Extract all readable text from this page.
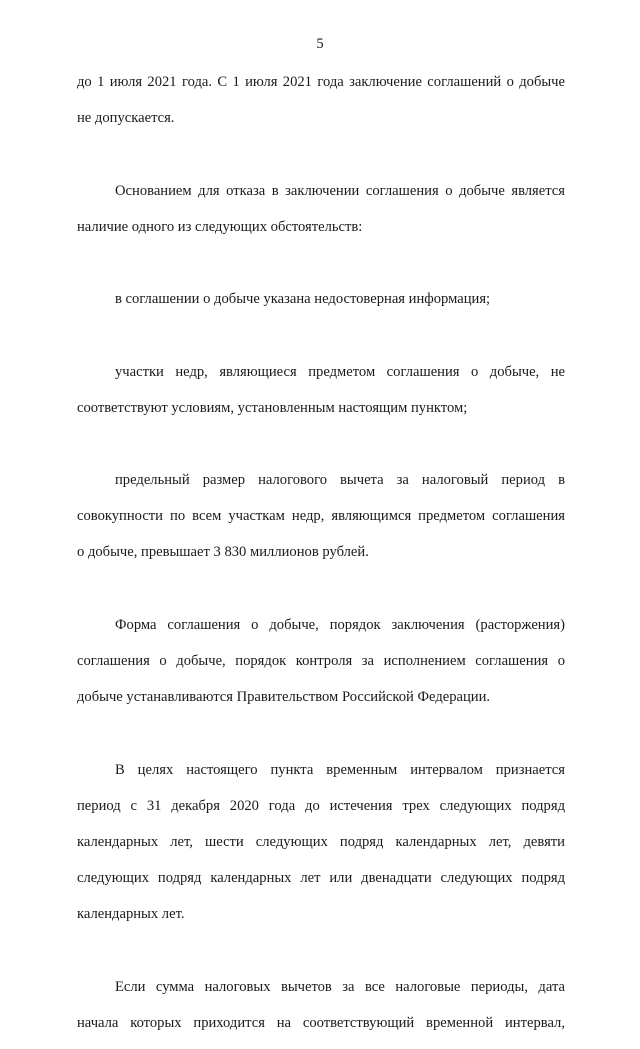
5
до 1 июля 2021 года. С 1 июля 2021 года заключение соглашений о добыче
не допускается.
Основанием для отказа в заключении соглашения о добыче является
наличие одного из следующих обстоятельств:
в соглашении о добыче указана недостоверная информация;
участки недр, являющиеся предметом соглашения о добыче, не
соответствуют условиям, установленным настоящим пунктом;
предельный размер налогового вычета за налоговый период в
совокупности по всем участкам недр, являющимся предметом соглашения
о добыче, превышает 3 830 миллионов рублей.
Форма соглашения о добыче, порядок заключения (расторжения)
соглашения о добыче, порядок контроля за исполнением соглашения о
добыче устанавливаются Правительством Российской Федерации.
В целях настоящего пункта временным интервалом признается
период с 31 декабря 2020 года до истечения трех следующих подряд
календарных лет, шести следующих подряд календарных лет, девяти
следующих подряд календарных лет или двенадцати следующих подряд
календарных лет.
Если сумма налоговых вычетов за все налоговые периоды, дата
начала которых приходится на соответствующий временной интервал,
